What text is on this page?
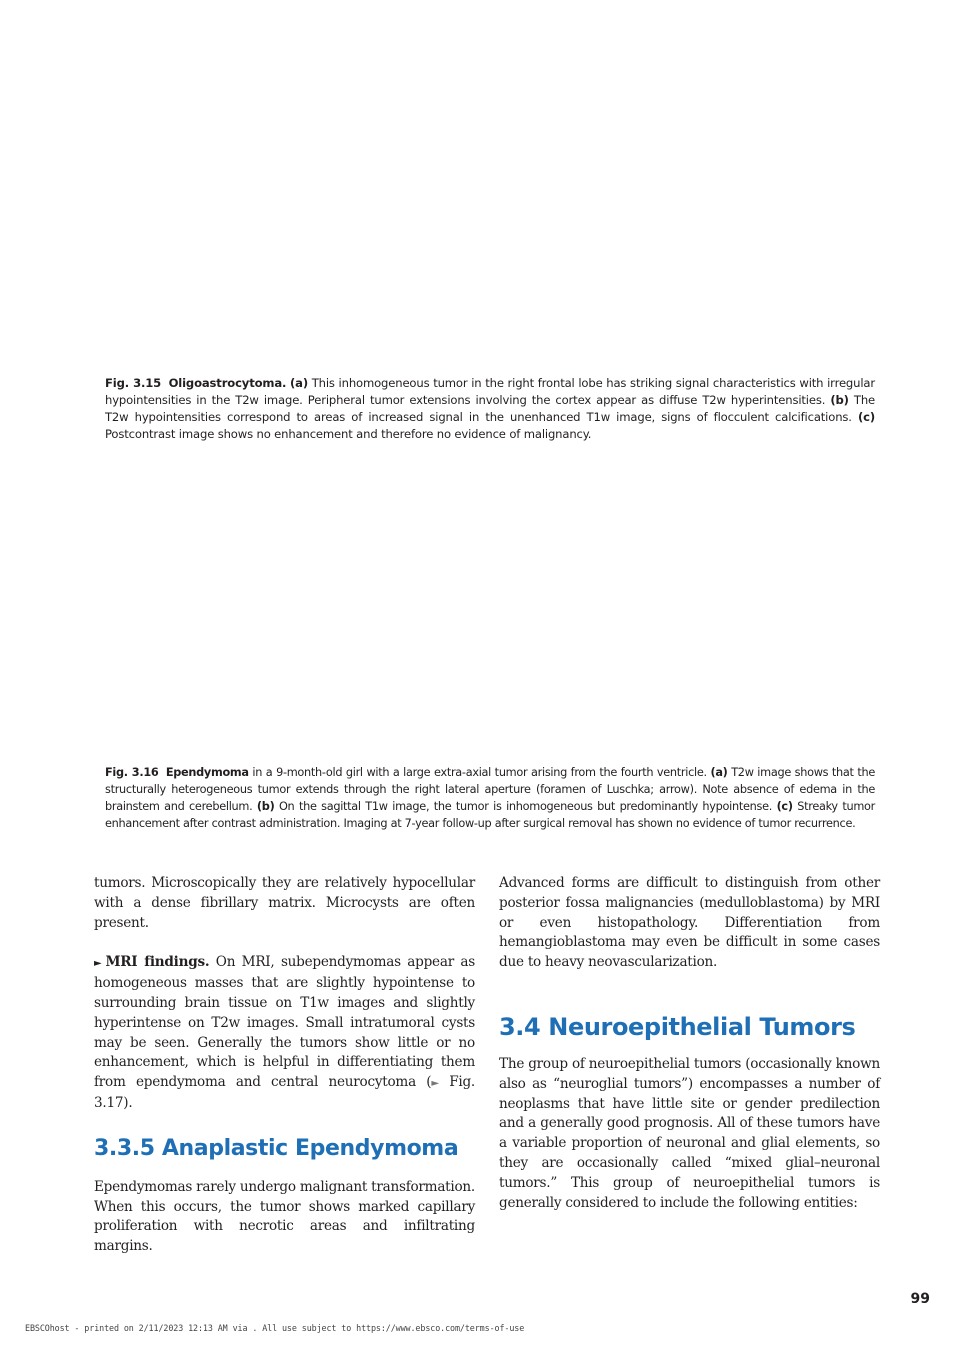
Fig. 3.15 Oligoastrocytoma. (a) This inhomogeneous tumor in the right frontal lobe has striking signal characteristics with irregular hypointensities in the T2w image. Peripheral tumor extensions involving the cortex appear as diffuse T2w hyperintensities. (b) The T2w hypointensities correspond to areas of increased signal in the unenhanced T1w image, signs of flocculent calcifications. (c) Postcontrast image shows no enhancement and therefore no evidence of malignancy.
Fig. 3.16 Ependymoma in a 9-month-old girl with a large extra-axial tumor arising from the fourth ventricle. (a) T2w image shows that the structurally heterogeneous tumor extends through the right lateral aperture (foramen of Luschka; arrow). Note absence of edema in the brainstem and cerebellum. (b) On the sagittal T1w image, the tumor is inhomogeneous but predominantly hypointense. (c) Streaky tumor enhancement after contrast administration. Imaging at 7-year follow-up after surgical removal has shown no evidence of tumor recurrence.

tumors. Microscopically they are relatively hypocellular with a dense fibrillary matrix. Microcysts are often present.

► MRI findings. On MRI, subependymomas appear as homogeneous masses that are slightly hypointense to surrounding brain tissue on T1w images and slightly hyperintense on T2w images. Small intratumoral cysts may be seen. Generally the tumors show little or no enhancement, which is helpful in differentiating them from ependymoma and central neurocytoma (► Fig. 3.17).

3.3.5 Anaplastic Ependymoma

Ependymomas rarely undergo malignant transformation. When this occurs, the tumor shows marked capillary proliferation with necrotic areas and infiltrating margins.

Advanced forms are difficult to distinguish from other posterior fossa malignancies (medulloblastoma) by MRI or even histopathology. Differentiation from hemangioblastoma may even be difficult in some cases due to heavy neovascularization.

3.4 Neuroepithelial Tumors

The group of neuroepithelial tumors (occasionally known also as “neuroglial tumors”) encompasses a number of neoplasms that have little site or gender predilection and a generally good prognosis. All of these tumors have a variable proportion of neuronal and glial elements, so they are occasionally called “mixed glial–neuronal tumors.” This group of neuroepithelial tumors is generally considered to include the following entities:

99
EBSCOhost - printed on 2/11/2023 12:13 AM via . All use subject to https://www.ebsco.com/terms-of-use
